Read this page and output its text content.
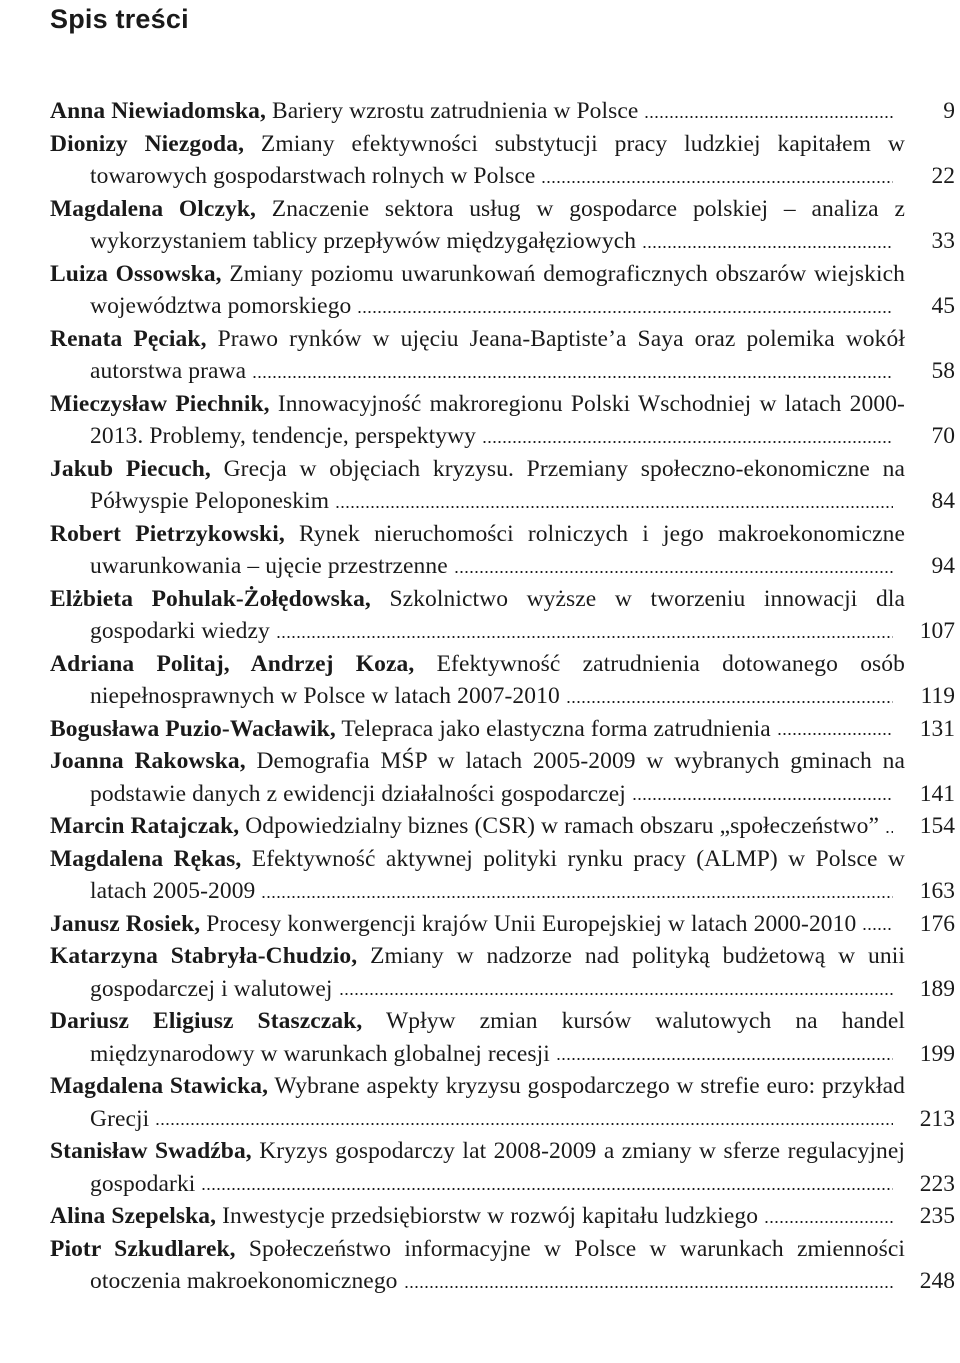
Spis treści
Anna Niewiadomska, Bariery wzrostu zatrudnienia w Polsce	9
Dionizy Niezgoda, Zmiany efektywności substytucji pracy ludzkiej kapitałem w towarowych gospodarstwach rolnych w Polsce	22
Magdalena Olczyk, Znaczenie sektora usług w gospodarce polskiej – analiza z wykorzystaniem tablicy przepływów międzygałęziowych	33
Luiza Ossowska, Zmiany poziomu uwarunkowań demograficznych obszarów wiejskich województwa pomorskiego	45
Renata Pęciak, Prawo rynków w ujęciu Jeana-Baptiste’a Saya oraz polemika wokół autorstwa prawa	58
Mieczysław Piechnik, Innowacyjność makroregionu Polski Wschodniej w latach 2000-2013. Problemy, tendencje, perspektywy	70
Jakub Piecuch, Grecja w objęciach kryzysu. Przemiany społeczno-ekonomiczne na Półwyspie Peloponeskim	84
Robert Pietrzykowski, Rynek nieruchomości rolniczych i jego makroekonomiczne uwarunkowania – ujęcie przestrzenne	94
Elżbieta Pohulak-Żołędowska, Szkolnictwo wyższe w tworzeniu innowacji dla gospodarki wiedzy	107
Adriana Politaj, Andrzej Koza, Efektywność zatrudnienia dotowanego osób niepełnosprawnych w Polsce w latach 2007-2010	119
Bogusława Puzio-Wacławik, Telepraca jako elastyczna forma zatrudnienia	131
Joanna Rakowska, Demografia MŚP w latach 2005-2009 w wybranych gminach na podstawie danych z ewidencji działalności gospodarczej	141
Marcin Ratajczak, Odpowiedzialny biznes (CSR) w ramach obszaru „społeczeństwo”	154
Magdalena Rękas, Efektywność aktywnej polityki rynku pracy (ALMP) w Polsce w latach 2005-2009	163
Janusz Rosiek, Procesy konwergencji krajów Unii Europejskiej w latach 2000-2010	176
Katarzyna Stabryła-Chudzio, Zmiany w nadzorze nad polityką budżetową w unii gospodarczej i walutowej	189
Dariusz Eligiusz Staszczak, Wpływ zmian kursów walutowych na handel międzynarodowy w warunkach globalnej recesji	199
Magdalena Stawicka, Wybrane aspekty kryzysu gospodarczego w strefie euro: przykład Grecji	213
Stanisław Swadźba, Kryzys gospodarczy lat 2008-2009 a zmiany w sferze regulacyjnej gospodarki	223
Alina Szepelska, Inwestycje przedsiębiorstw w rozwój kapitału ludzkiego	235
Piotr Szkudlarek, Społeczeństwo informacyjne w Polsce w warunkach zmienności otoczenia makroekonomicznego	248
